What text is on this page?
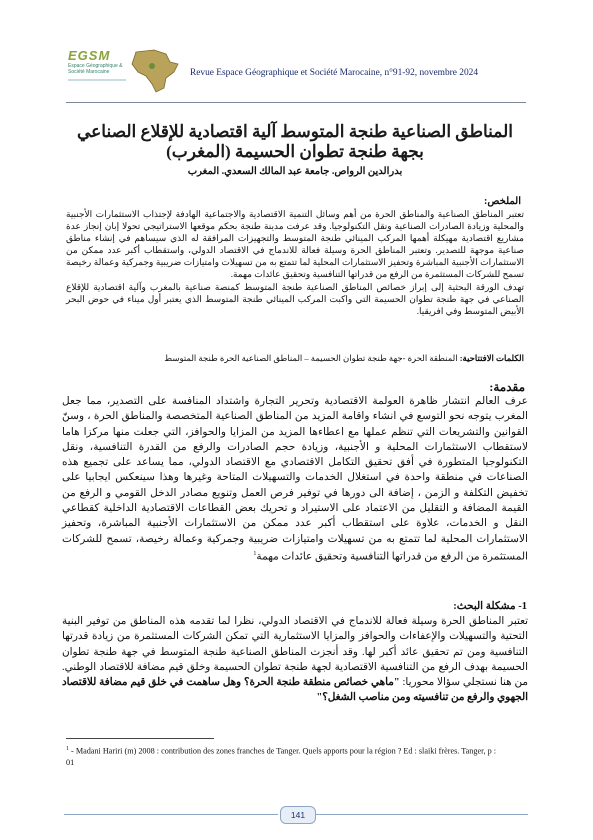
EGSM
Espace Géographique & Société Marocaine	Revue Espace Géographique et Société Marocaine, n°91-92, novembre 2024
المناطق الصناعية طنجة المتوسط آلية اقتصادية للإقلاع الصناعي
بجهة طنجة تطوان الحسيمة (المغرب)
بدرالدين الرواص. جامعة عبد المالك السعدي. المغرب
الملخص:

تعتبر المناطق الصناعية والمناطق الحرة من أهم وسائل التنمية الاقتصادية والاجتماعية الهادفة لإجتذاب الاستثمارات الأجنبية والمحلية وزيادة الصادرات الصناعية ونقل التكنولوجيا. وقد عرفت مدينة طنجة بحكم موقعها الاستراتيجي تحولا إبان إنجاز عدة مشاريع اقتصادية مهيكلة أهمها المركب المينائي طنجة المتوسط والتجهيزات المرافقة له الذي سيساهم في إنشاء مناطق صناعية موجهة للتصدير. وتعتبر المناطق الحرة وسيلة فعالة للاندماج في الاقتصاد الدولي، واستقطاب أكبر عدد ممكن من الاستثمارات الأجنبية المباشرة وتحفيز الاستثمارات المحلية لما تتمتع به من تسهيلات وامتيازات ضريبية وجمركية وعمالة رخيصة تسمح للشركات المستثمرة من الرفع من قدراتها التنافسية وتحقيق عائدات مهمة.

تهدف الورقة البحثية إلى إبراز خصائص المناطق الصناعية طنجة المتوسط كمنصة صناعية بالمغرب وآلية اقتصادية للإقلاع الصناعي في جهة طنجة تطوان الحسيمة التي واكبت المركب المينائي طنجة المتوسط الذي يعتبر أول ميناء في حوض البحر الأبيض المتوسط وفي افريقيا.

الكلمات الافتتاحية: المنطقة الحرة -جهة طنجة تطوان الحسيمة – المناطق الصناعية الحرة طنجة المتوسط
مقدمة:

عرف العالم انتشار ظاهرة العولمة الاقتصادية وتحرير التجارة واشتداد المنافسة على التصدير، مما جعل المغرب يتوجه نحو التوسع في انشاء واقامة المزيد من المناطق الصناعية المتخصصة والمناطق الحرة ، وسنّ القوانين والتشريعات التي تنظم عملها مع اعطاءها المزيد من المزايا والحوافز، التي جعلت منها مركزا هاما لاستقطاب الاستثمارات المحلية و الأجنبية، وزيادة حجم الصادرات والرفع من القدرة التنافسية، ونقل التكنولوجيا المتطورة في أفق تحقيق التكامل الاقتصادي مع الاقتصاد الدولي، مما يساعد على تجميع هذه الصناعات في منطقة واحدة في استغلال الخدمات والتسهيلات المتاحة وغيرها وهذا سينعكس ايجابيا على تخفيض التكلفة و الزمن ، إضافة الى دورها في توفير فرص العمل وتنويع مصادر الدخل القومي و الرفع من القيمة المضافة و التقليل من الاعتماد على الاستيراد و تحريك بعض القطاعات الاقتصادية الداخلية كقطاعي النقل و الخدمات، علاوة على استقطاب أكبر عدد ممكن من الاستثمارات الأجنبية المباشرة، وتحفيز الاستثمارات المحلية لما تتمتع به من تسهيلات وامتيازات ضريبية وجمركية وعمالة رخيصة، تسمح للشركات المستثمرة من الرفع من قدراتها التنافسية وتحقيق عائدات مهمة$^1$

1- مشكلة البحث:

تعتبر المناطق الحرة وسيلة فعالة للاندماج في الاقتصاد الدولي، نظرا لما تقدمه هذه المناطق من توفير البنية التحتية والتسهيلات والإعفاءات والحوافز والمزايا الاستثمارية التي تمكن الشركات المستثمرة من زيادة قدرتها التنافسية ومن تم تحقيق عائد أكبر لها. وقد أنجزت المناطق الصناعية طنجة المتوسط في جهة طنجة تطوان الحسيمة بهدف الرفع من التنافسية الاقتصادية لجهة طنجة تطوان الحسيمة وخلق قيم مضافة للاقتصاد الوطني. من هنا نستجلي سؤالا محوريا: "ماهي خصائص منطقة طنجة الحرة؟ وهل ساهمت في خلق قيم مضافة للاقتصاد الجهوي والرفع من تنافسيته ومن مناصب الشغل؟"

$^1$ - Madani Hariri (m) 2008 : contribution des zones franches de Tanger. Quels apports pour la région ? Ed : slaiki frères. Tanger, p : 01
141
